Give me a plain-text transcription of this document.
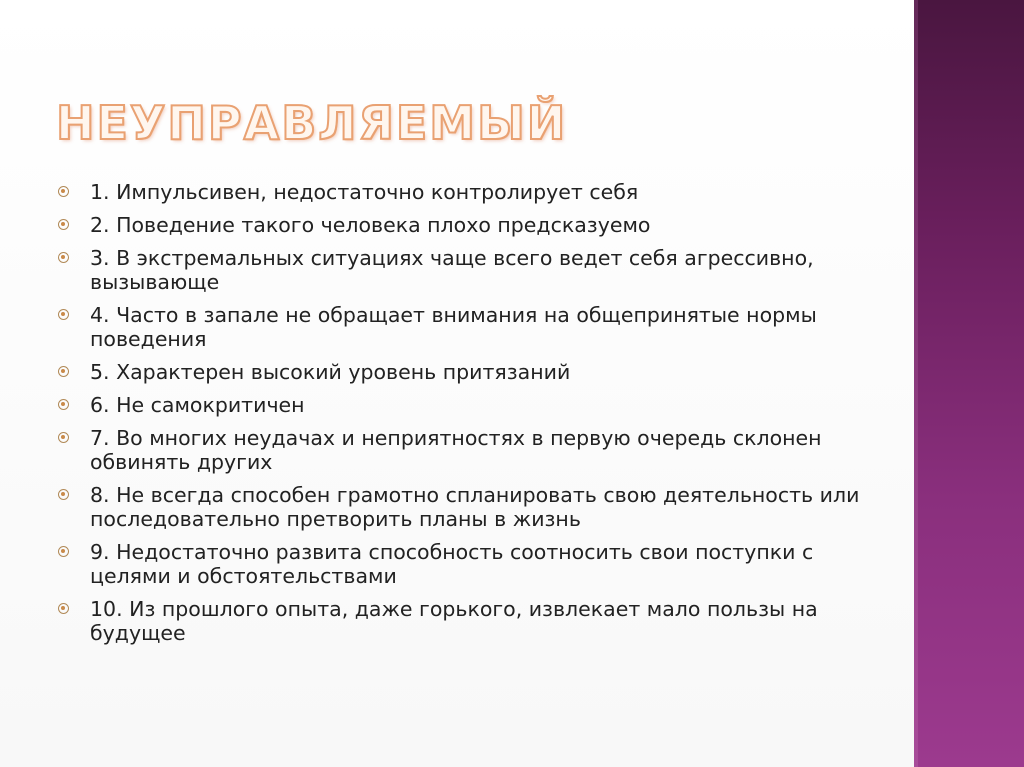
НЕУПРАВЛЯЕМЫЙ
1. Импульсивен, недостаточно контролирует себя
2. Поведение такого человека плохо предсказуемо
3. В экстремальных ситуациях чаще всего ведет себя агрессивно, вызывающе
4. Часто в запале не обращает внимания на общепринятые нормы поведения
5. Характерен высокий уровень притязаний
6. Не самокритичен
7. Во многих неудачах и неприятностях в первую очередь склонен обвинять других
8. Не всегда способен грамотно спланировать свою деятельность или последовательно претворить планы в жизнь
9. Недостаточно развита способность соотносить свои поступки с целями и обстоятельствами
10. Из прошлого опыта, даже горького, извлекает мало пользы на будущее
